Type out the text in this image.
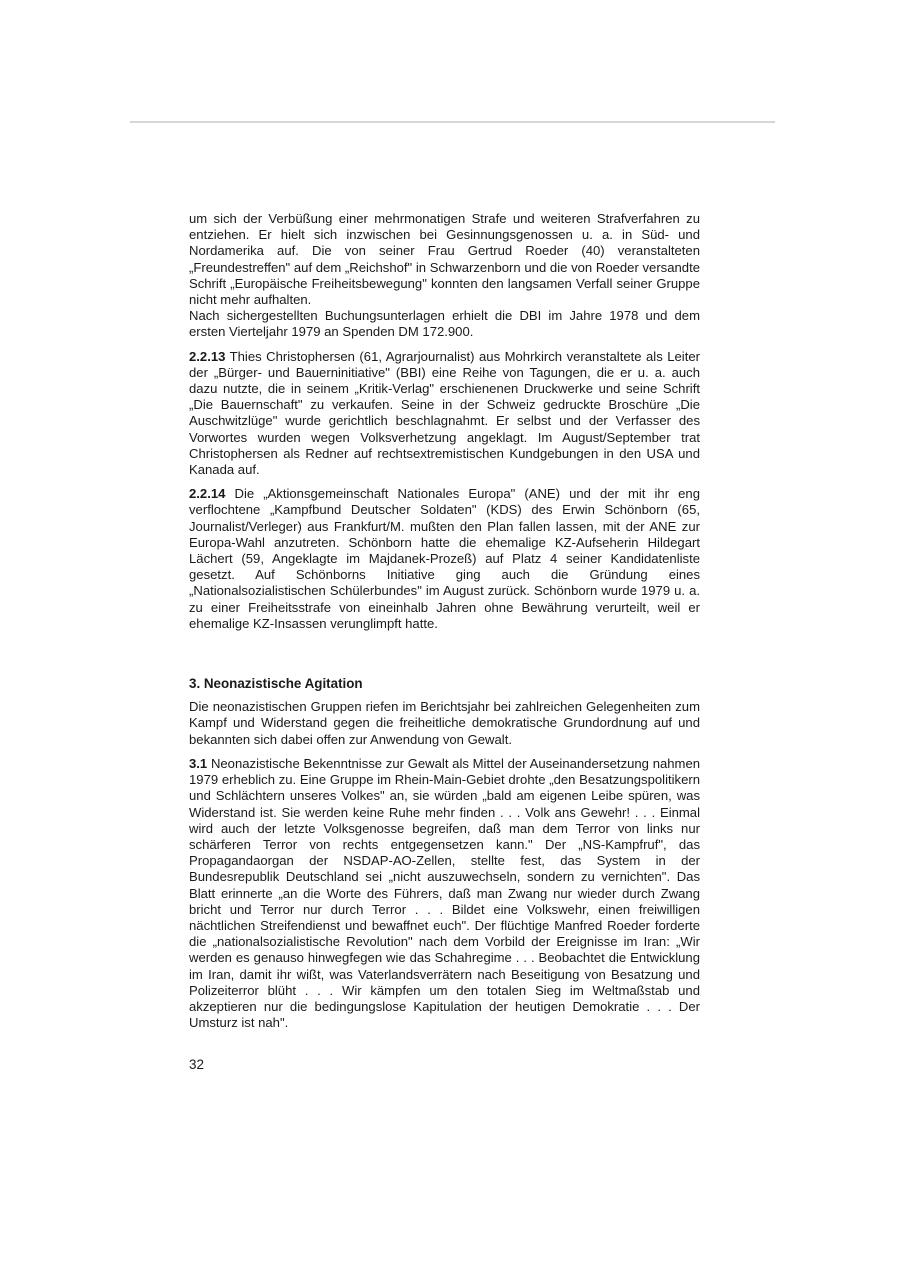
um sich der Verbüßung einer mehrmonatigen Strafe und weiteren Strafverfahren zu entziehen. Er hielt sich inzwischen bei Gesinnungsgenossen u. a. in Süd- und Nordamerika auf. Die von seiner Frau Gertrud Roeder (40) veranstalteten „Freundestreffen" auf dem „Reichshof" in Schwarzenborn und die von Roeder versandte Schrift „Europäische Freiheitsbewegung" konnten den langsamen Verfall seiner Gruppe nicht mehr aufhalten.
Nach sichergestellten Buchungsunterlagen erhielt die DBI im Jahre 1978 und dem ersten Vierteljahr 1979 an Spenden DM 172.900.

2.2.13 Thies Christophersen (61, Agrarjournalist) aus Mohrkirch veranstaltete als Leiter der „Bürger- und Bauerninitiative" (BBI) eine Reihe von Tagungen, die er u. a. auch dazu nutzte, die in seinem „Kritik-Verlag" erschienenen Druckwerke und seine Schrift „Die Bauernschaft" zu verkaufen. Seine in der Schweiz gedruckte Broschüre „Die Auschwitzlüge" wurde gerichtlich beschlagnahmt. Er selbst und der Verfasser des Vorwortes wurden wegen Volksverhetzung angeklagt. Im August/September trat Christophersen als Redner auf rechtsextremistischen Kundgebungen in den USA und Kanada auf.

2.2.14 Die „Aktionsgemeinschaft Nationales Europa" (ANE) und der mit ihr eng verflochtene „Kampfbund Deutscher Soldaten" (KDS) des Erwin Schönborn (65, Journalist/Verleger) aus Frankfurt/M. mußten den Plan fallen lassen, mit der ANE zur Europa-Wahl anzutreten. Schönborn hatte die ehemalige KZ-Aufseherin Hildegart Lächert (59, Angeklagte im Majdanek-Prozeß) auf Platz 4 seiner Kandidatenliste gesetzt. Auf Schönborns Initiative ging auch die Gründung eines „Nationalsozialistischen Schülerbundes" im August zurück. Schönborn wurde 1979 u. a. zu einer Freiheitsstrafe von eineinhalb Jahren ohne Bewährung verurteilt, weil er ehemalige KZ-Insassen verunglimpft hatte.

3. Neonazistische Agitation

Die neonazistischen Gruppen riefen im Berichtsjahr bei zahlreichen Gelegenheiten zum Kampf und Widerstand gegen die freiheitliche demokratische Grundordnung auf und bekannten sich dabei offen zur Anwendung von Gewalt.

3.1 Neonazistische Bekenntnisse zur Gewalt als Mittel der Auseinandersetzung nahmen 1979 erheblich zu. Eine Gruppe im Rhein-Main-Gebiet drohte „den Besatzungspolitikern und Schlächtern unseres Volkes" an, sie würden „bald am eigenen Leibe spüren, was Widerstand ist. Sie werden keine Ruhe mehr finden . . . Volk ans Gewehr! . . . Einmal wird auch der letzte Volksgenosse begreifen, daß man dem Terror von links nur schärferen Terror von rechts entgegensetzen kann." Der „NS-Kampfruf", das Propagandaorgan der NSDAP-AO-Zellen, stellte fest, das System in der Bundesrepublik Deutschland sei „nicht auszuwechseln, sondern zu vernichten". Das Blatt erinnerte „an die Worte des Führers, daß man Zwang nur wieder durch Zwang bricht und Terror nur durch Terror . . . Bildet eine Volkswehr, einen freiwilligen nächtlichen Streifendienst und bewaffnet euch". Der flüchtige Manfred Roeder forderte die „nationalsozialistische Revolution" nach dem Vorbild der Ereignisse im Iran: „Wir werden es genauso hinwegfegen wie das Schahregime . . . Beobachtet die Entwicklung im Iran, damit ihr wißt, was Vaterlandsverrätern nach Beseitigung von Besatzung und Polizeiterror blüht . . . Wir kämpfen um den totalen Sieg im Weltmaßstab und akzeptieren nur die bedingungslose Kapitulation der heutigen Demokratie . . . Der Umsturz ist nah".

32
